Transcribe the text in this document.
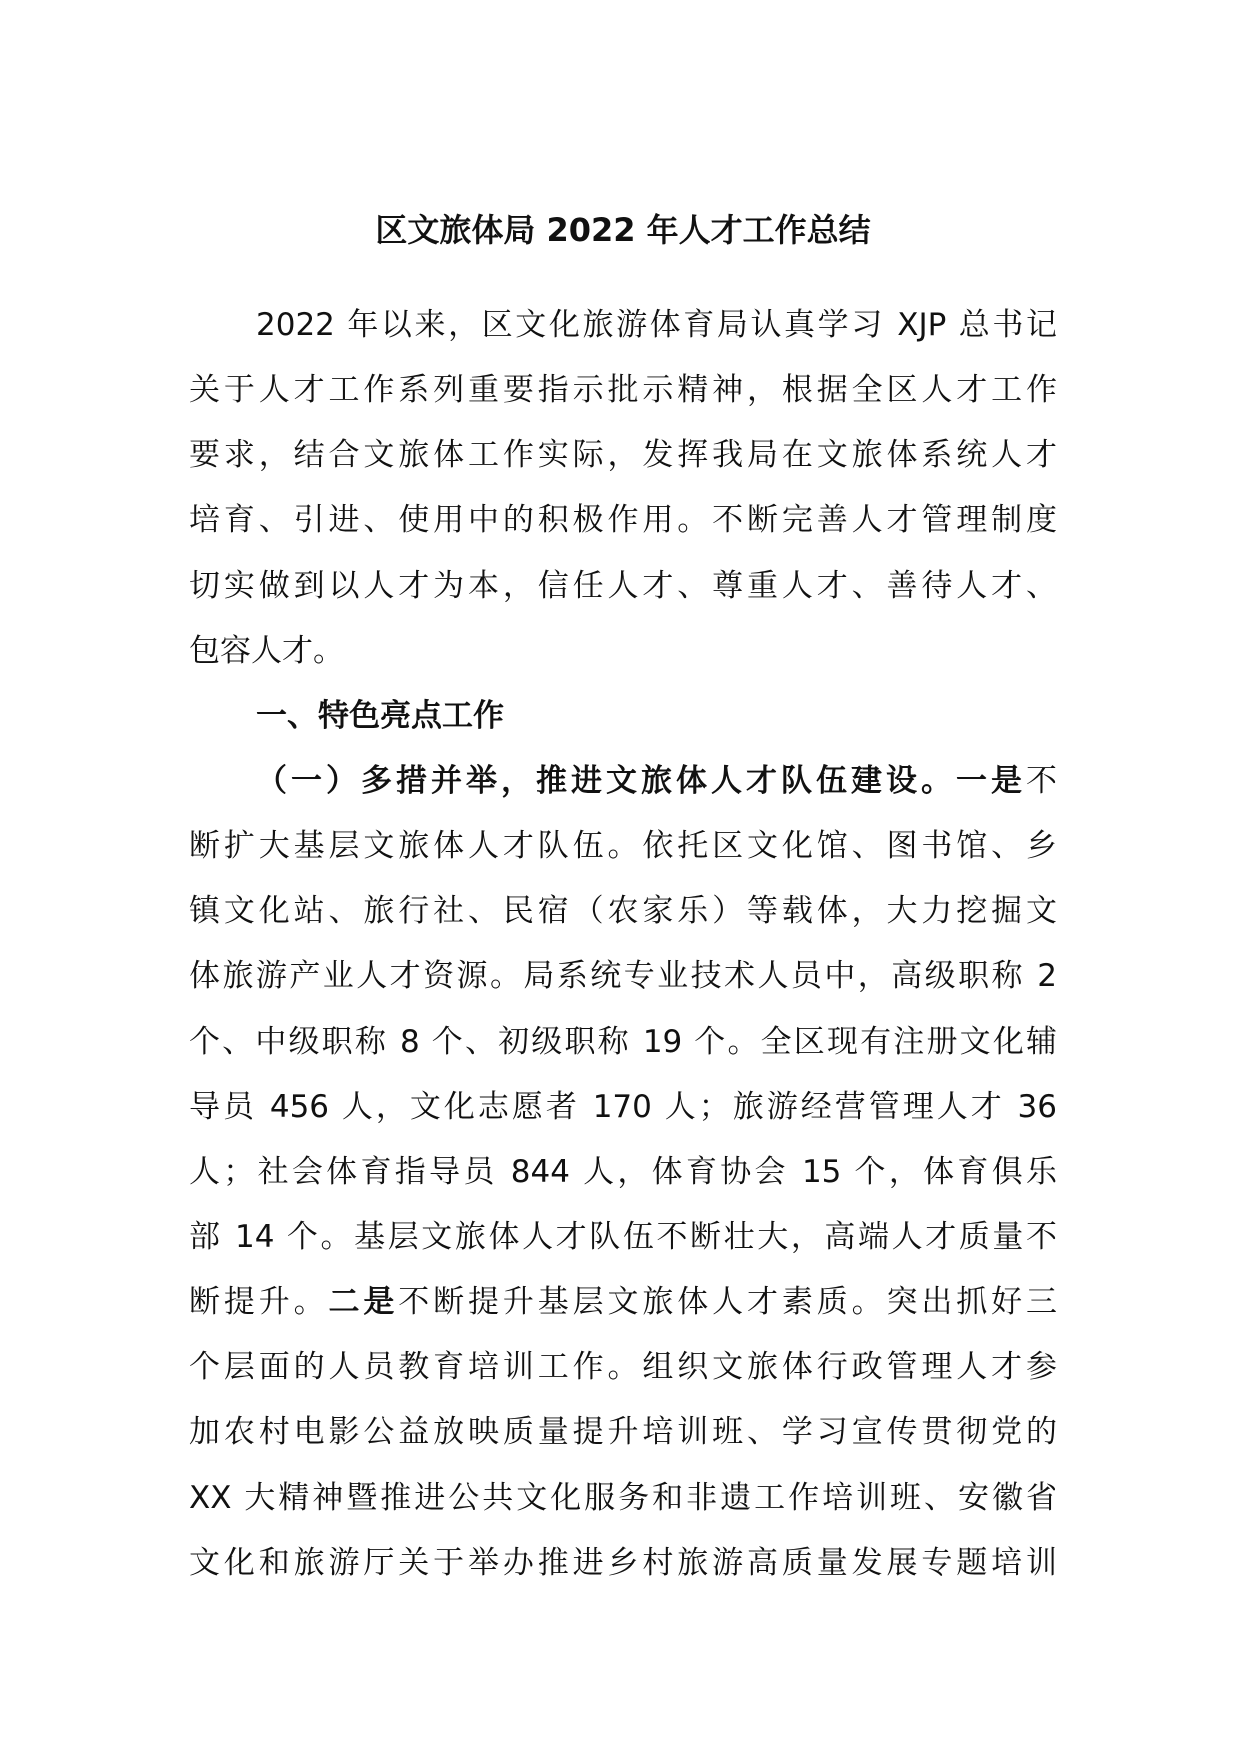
区文旅体局 2022 年人才工作总结
2022 年以来，区文化旅游体育局认真学习 XJP 总书记
关于人才工作系列重要指示批示精神，根据全区人才工作
要求，结合文旅体工作实际，发挥我局在文旅体系统人才
培育、引进、使用中的积极作用。不断完善人才管理制度
切实做到以人才为本，信任人才、尊重人才、善待人才、
包容人才。
一、特色亮点工作
（一）多措并举，推进文旅体人才队伍建设。一是不
断扩大基层文旅体人才队伍。依托区文化馆、图书馆、乡
镇文化站、旅行社、民宿（农家乐）等载体，大力挖掘文
体旅游产业人才资源。局系统专业技术人员中，高级职称 2
个、中级职称 8 个、初级职称 19 个。全区现有注册文化辅
导员 456 人，文化志愿者 170 人；旅游经营管理人才 36
人；社会体育指导员 844 人，体育协会 15 个，体育俱乐
部 14 个。基层文旅体人才队伍不断壮大，高端人才质量不
断提升。二是不断提升基层文旅体人才素质。突出抓好三
个层面的人员教育培训工作。组织文旅体行政管理人才参
加农村电影公益放映质量提升培训班、学习宣传贯彻党的
XX 大精神暨推进公共文化服务和非遗工作培训班、安徽省
文化和旅游厅关于举办推进乡村旅游高质量发展专题培训
